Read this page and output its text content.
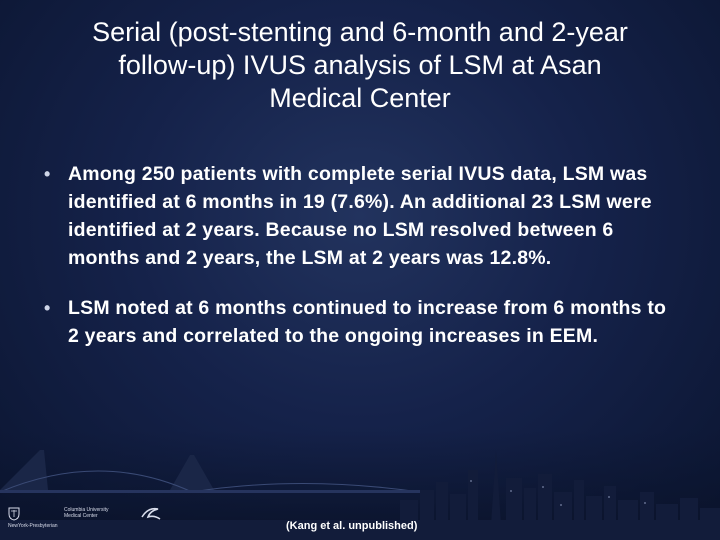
Serial (post-stenting and 6-month and 2-year
follow-up) IVUS analysis of LSM at Asan
Medical Center
• Among 250 patients with complete serial IVUS data, LSM was identified at 6 months in 19 (7.6%). An additional 23 LSM were identified at 2 years. Because no LSM resolved between 6 months and 2 years, the LSM at 2 years was 12.8%.
• LSM noted at 6 months continued to increase from 6 months to 2 years and correlated to the ongoing increases in EEM.
Columbia University Medical Center
NewYork-Presbyterian	(Kang et al. unpublished)
